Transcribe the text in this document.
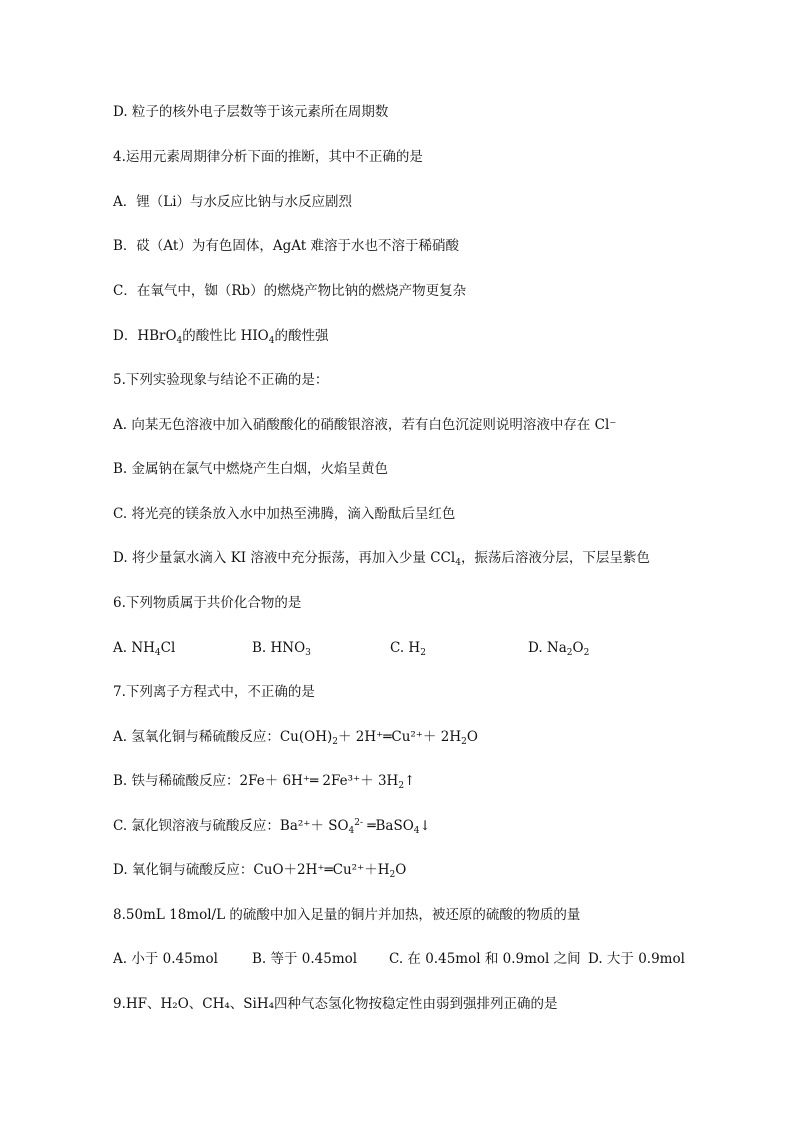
D. 粒子的核外电子层数等于该元素所在周期数
4.运用元素周期律分析下面的推断，其中不正确的是
A．锂（Li）与水反应比钠与水反应剧烈
B．砹（At）为有色固体，AgAt 难溶于水也不溶于稀硝酸
C．在氧气中，铷（Rb）的燃烧产物比钠的燃烧产物更复杂
D．HBrO$_4$的酸性比 $HIO_4$的酸性强
5.下列实验现象与结论不正确的是：
A. 向某无色溶液中加入硝酸酸化的硝酸银溶液，若有白色沉淀则说明溶液中存在 Cl⁻
B. 金属钠在氯气中燃烧产生白烟，火焰呈黄色
C. 将光亮的镁条放入水中加热至沸腾，滴入酚酞后呈红色
D. 将少量氯水滴入 KI 溶液中充分振荡，再加入少量 CCl$_4$，振荡后溶液分层，下层呈紫色
6.下列物质属于共价化合物的是
A. $NH_4Cl$	B. $HNO_3$	C. $H_2$	D. $Na_2O_2$
7.下列离子方程式中，不正确的是
A. 氢氧化铜与稀硫酸反应：$Cu(OH)_2+$ 2H⁺═Cu²⁺＋ $2H_2O$
B. 铁与稀硫酸反应：2Fe＋ 6H⁺═ $2Fe^{3+}+ 3H_2↑$
C. 氯化钡溶液与硫酸反应：$Ba^{2+}+ SO_4^{2-}$ ═BaSO$_4$↓
D. 氧化铜与硫酸反应：$CuO+2H^+═Cu^{2+}+H_2O$
8.50mL 18mol/L 的硫酸中加入足量的铜片并加热，被还原的硫酸的物质的量
A. 小于 0.45mol	B. 等于 0.45mol C. 在 0.45mol 和 0.9mol 之间 D. 大于 0.9mol
9.HF、H₂O、CH₄、SiH₄四种气态氢化物按稳定性由弱到强排列正确的是
